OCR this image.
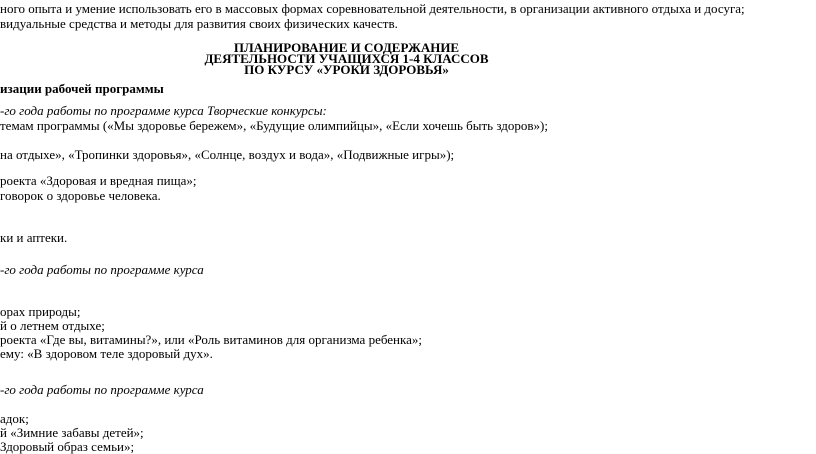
ного опыта и умение использовать его в массовых формах соревновательной деятельности, в организации активного отдыха и досуга;
видуальные средства и методы для развития своих физических качеств.
ПЛАНИРОВАНИЕ И СОДЕРЖАНИЕ
ДЕЯТЕЛЬНОСТИ УЧАЩИХСЯ 1-4 КЛАССОВ
ПО КУРСУ «УРОКИ ЗДОРОВЬЯ»
изации рабочей программы
-го года работы по программе курса Творческие конкурсы:
темам программы («Мы здоровье бережем», «Будущие олимпийцы», «Если хочешь быть здоров»);
на отдыхе», «Тропинки здоровья», «Солнце, воздух и вода», «Подвижные игры»);
роекта «Здоровая и вредная пища»;
говорок о здоровье человека.
ки и аптеки.
-го года работы по программе курса
орах природы;
й о летнем отдыхе;
роекта «Где вы, витамины?», или «Роль витаминов для организма ребенка»;
ему: «В здоровом теле здоровый дух».
-го года работы по программе курса
адок;
й «Зимние забавы детей»;
Здоровый образ семьи»;
